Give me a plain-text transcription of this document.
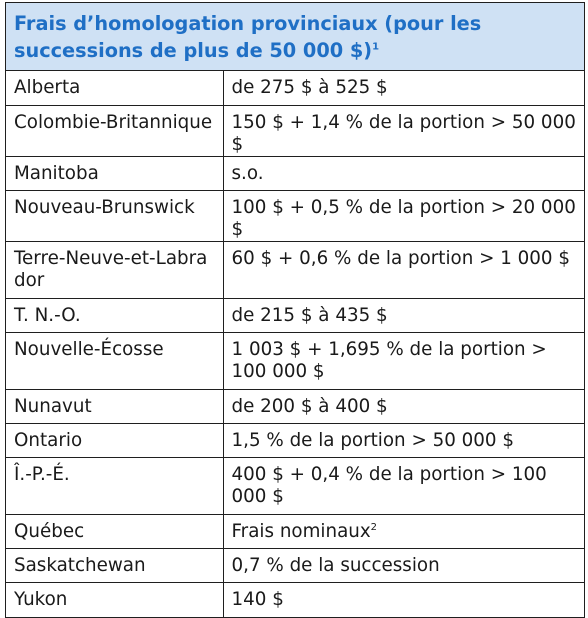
Frais d’homologation provinciaux (pour les successions de plus de 50 000 $)$^1$
Alberta	de 275 $ à 525 $
Colombie-Britannique	150 $ + 1,4 % de la portion > 50 000 $
Manitoba	s.o.
Nouveau-Brunswick	100 $ + 0,5 % de la portion > 20 000 $

Terre-Neuve-et-Labrador	60 $ + 0,6 % de la portion > 1 000 $
T. N.-O.	de 215 $ à 435 $
Nouvelle-Écosse	1 003 $ + 1,695 % de la portion > 100 000 $
Nunavut	de 200 $ à 400 $
Ontario	1,5 % de la portion > 50 000 $
Î.-P.-É.	400 $ + 0,4 % de la portion > 100 000 $
Québec	Frais nominaux$^2$
Saskatchewan	0,7 % de la succession
Yukon	140 $
